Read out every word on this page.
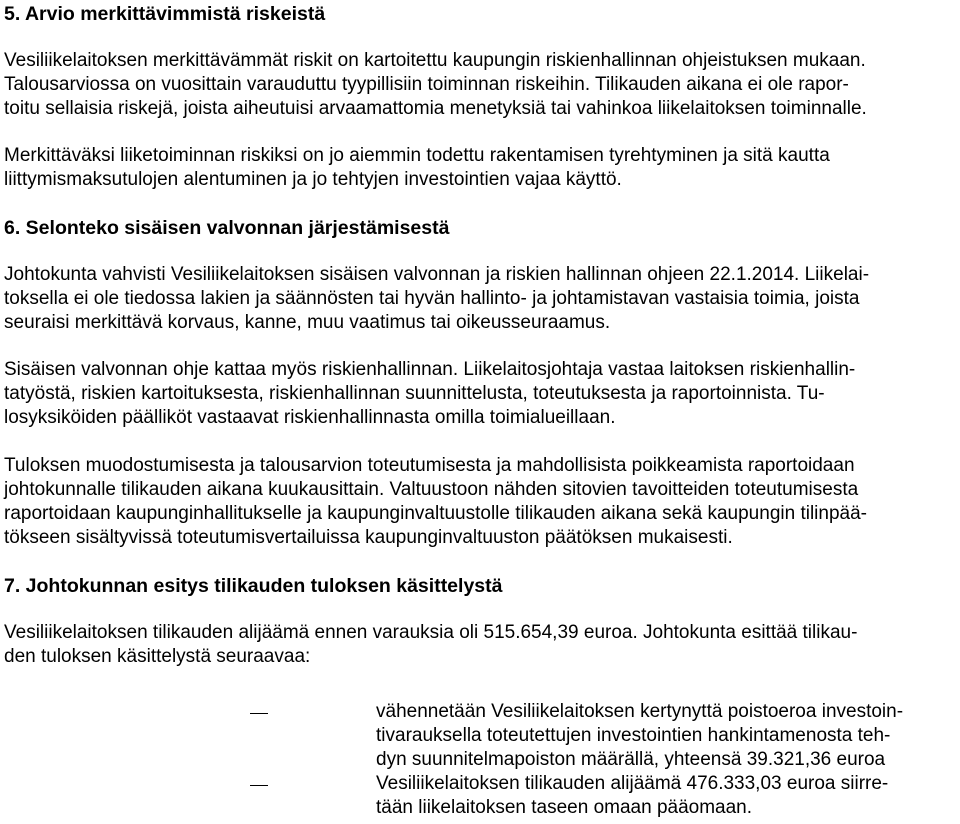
5. Arvio merkittävimmistä riskeistä
Vesiliikelaitoksen merkittävämmät riskit on kartoitettu kaupungin riskienhallinnan ohjeistuksen mukaan.
Talousarviossa on vuosittain varauduttu tyypillisiin toiminnan riskeihin. Tilikauden aikana ei ole rapor-
toitu sellaisia riskejä, joista aiheutuisi arvaamattomia menetyksiä tai vahinkoa liikelaitoksen toiminnalle.
Merkittäväksi liiketoiminnan riskiksi on jo aiemmin todettu rakentamisen tyrehtyminen ja sitä kautta
liittymismaksutulojen alentuminen ja jo tehtyjen investointien vajaa käyttö.
6. Selonteko sisäisen valvonnan järjestämisestä
Johtokunta vahvisti Vesiliikelaitoksen sisäisen valvonnan ja riskien hallinnan ohjeen 22.1.2014. Liikelai-
toksella ei ole tiedossa lakien ja säännösten tai hyvän hallinto- ja johtamistavan vastaisia toimia, joista
seuraisi merkittävä korvaus, kanne, muu vaatimus tai oikeusseuraamus.
Sisäisen valvonnan ohje kattaa myös riskienhallinnan. Liikelaitosjohtaja vastaa laitoksen riskienhallin-
tatyöstä, riskien kartoituksesta, riskienhallinnan suunnittelusta, toteutuksesta ja raportoinnista. Tu-
losyksiköiden päälliköt vastaavat riskienhallinnasta omilla toimialueillaan.
Tuloksen muodostumisesta ja talousarvion toteutumisesta ja mahdollisista poikkeamista raportoidaan
johtokunnalle tilikauden aikana kuukausittain. Valtuustoon nähden sitovien tavoitteiden toteutumisesta
raportoidaan kaupunginhallitukselle ja kaupunginvaltuustolle tilikauden aikana sekä kaupungin tilinpää-
tökseen sisältyvissä toteutumisvertailuissa kaupunginvaltuuston päätöksen mukaisesti.
7. Johtokunnan esitys tilikauden tuloksen käsittelystä
Vesiliikelaitoksen tilikauden alijäämä ennen varauksia oli 515.654,39 euroa. Johtokunta esittää tilikau-
den tuloksen käsittelystä seuraavaa:
vähennetään Vesiliikelaitoksen kertynyttä poistoeroa investoin-
tivarauksella toteutettujen investointien hankintamenosta teh-
dyn suunnitelmapoiston määrällä, yhteensä 39.321,36 euroa
Vesiliikelaitoksen tilikauden alijäämä 476.333,03 euroa siirre-
tään liikelaitoksen taseen omaan pääomaan.
